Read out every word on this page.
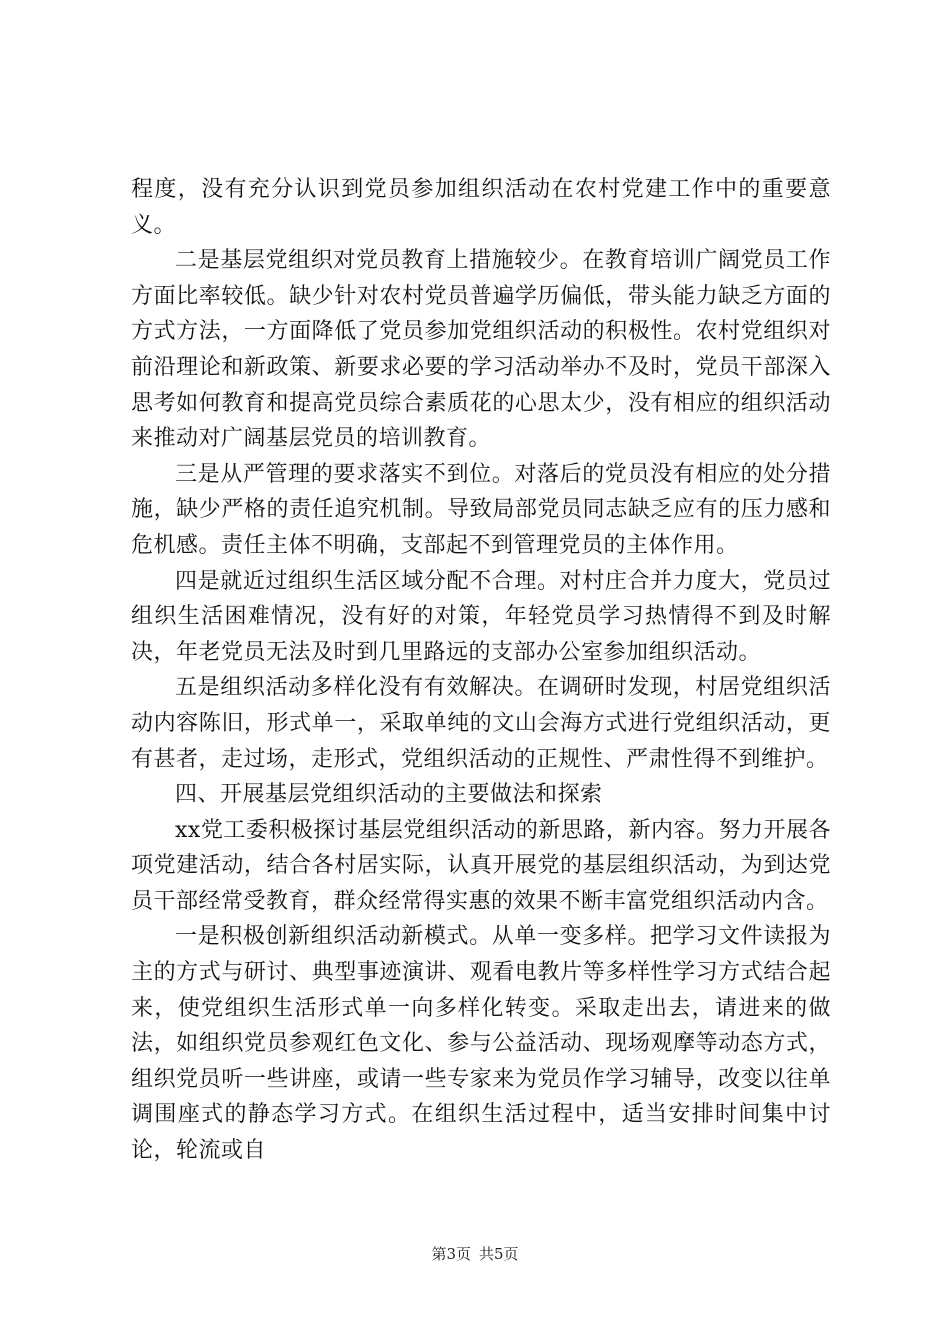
程度，没有充分认识到党员参加组织活动在农村党建工作中的重要意义。

二是基层党组织对党员教育上措施较少。在教育培训广阔党员工作方面比率较低。缺少针对农村党员普遍学历偏低，带头能力缺乏方面的方式方法，一方面降低了党员参加党组织活动的积极性。农村党组织对前沿理论和新政策、新要求必要的学习活动举办不及时，党员干部深入思考如何教育和提高党员综合素质花的心思太少，没有相应的组织活动来推动对广阔基层党员的培训教育。

三是从严管理的要求落实不到位。对落后的党员没有相应的处分措施，缺少严格的责任追究机制。导致局部党员同志缺乏应有的压力感和危机感。责任主体不明确，支部起不到管理党员的主体作用。

四是就近过组织生活区域分配不合理。对村庄合并力度大，党员过组织生活困难情况，没有好的对策，年轻党员学习热情得不到及时解决，年老党员无法及时到几里路远的支部办公室参加组织活动。

五是组织活动多样化没有有效解决。在调研时发现，村居党组织活动内容陈旧，形式单一，采取单纯的文山会海方式进行党组织活动，更有甚者，走过场，走形式，党组织活动的正规性、严肃性得不到维护。

四、开展基层党组织活动的主要做法和探索

xx党工委积极探讨基层党组织活动的新思路，新内容。努力开展各项党建活动，结合各村居实际，认真开展党的基层组织活动，为到达党员干部经常受教育，群众经常得实惠的效果不断丰富党组织活动内含。

一是积极创新组织活动新模式。从单一变多样。把学习文件读报为主的方式与研讨、典型事迹演讲、观看电教片等多样性学习方式结合起来，使党组织生活形式单一向多样化转变。采取走出去，请进来的做法，如组织党员参观红色文化、参与公益活动、现场观摩等动态方式，组织党员听一些讲座，或请一些专家来为党员作学习辅导，改变以往单调围座式的静态学习方式。在组织生活过程中，适当安排时间集中讨论，轮流或自

第3页 共5页
